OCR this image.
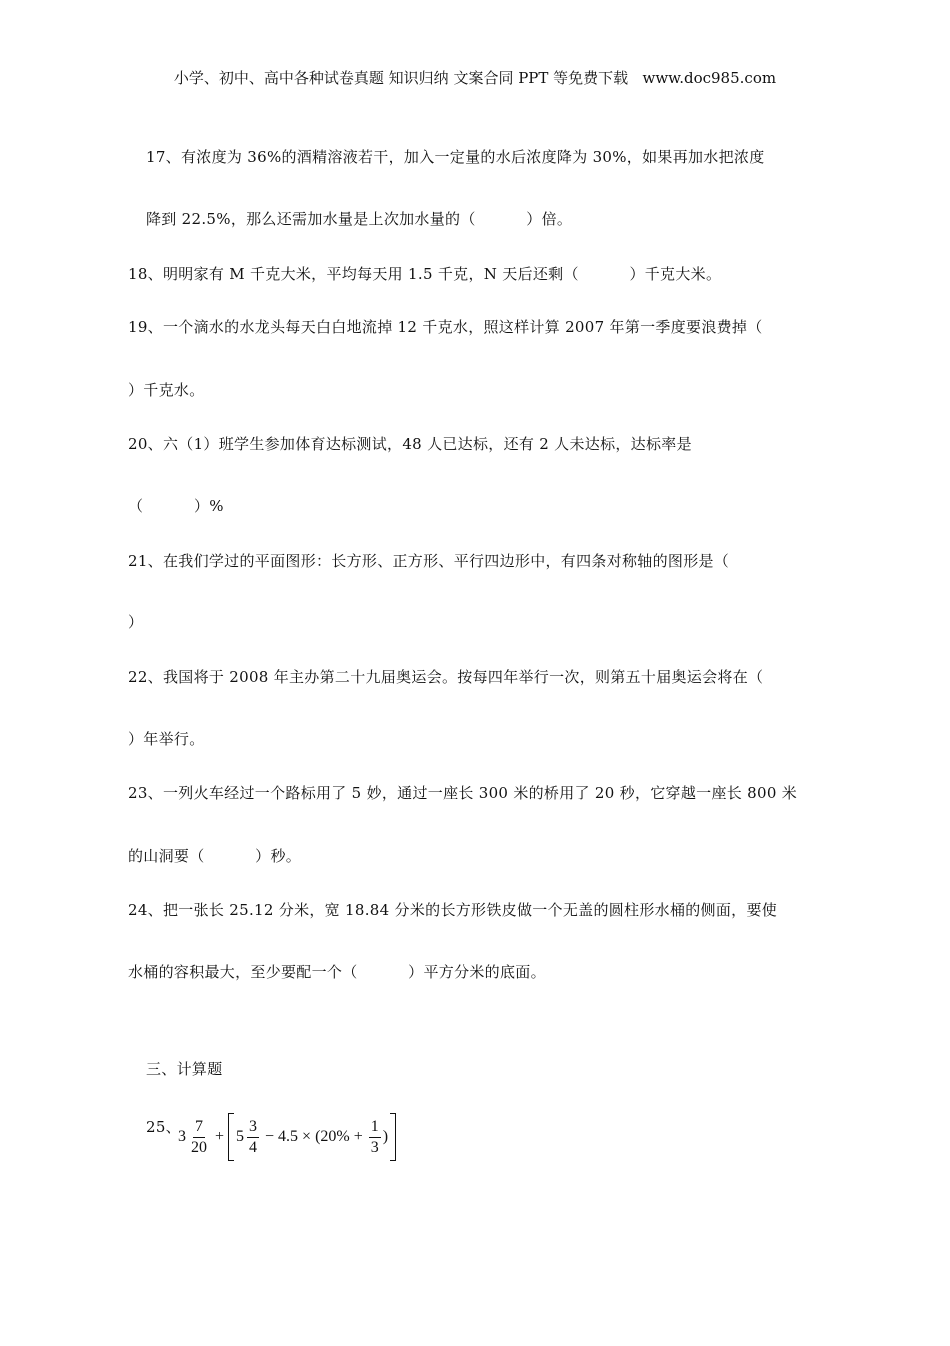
小学、初中、高中各种试卷真题 知识归纳 文案合同 PPT 等免费下载   www.doc985.com

17、有浓度为 36%的酒精溶液若干，加入一定量的水后浓度降为 30%，如果再加水把浓度

降到 22.5%，那么还需加水量是上次加水量的（          ）倍。

18、明明家有 M 千克大米，平均每天用 1.5 千克，N 天后还剩（          ）千克大米。

19、一个滴水的水龙头每天白白地流掉 12 千克水，照这样计算 2007 年第一季度要浪费掉（

）千克水。

20、六（1）班学生参加体育达标测试，48 人已达标，还有 2 人未达标，达标率是

（          ）%

21、在我们学过的平面图形：长方形、正方形、平行四边形中，有四条对称轴的图形是（

）

22、我国将于 2008 年主办第二十九届奥运会。按每四年举行一次，则第五十届奥运会将在（

）年举行。

23、一列火车经过一个路标用了 5 妙，通过一座长 300 米的桥用了 20 秒，它穿越一座长 800 米

的山洞要（          ）秒。

24、把一张长 25.12 分米，宽 18.84 分米的长方形铁皮做一个无盖的圆柱形水桶的侧面，要使

水桶的容积最大，至少要配一个（          ）平方分米的底面。

三、计算题

25、

$3 \frac{7}{20} + 5 \frac{3}{4} - 4.5 \times (20\% + \frac{1}{3}$ )
